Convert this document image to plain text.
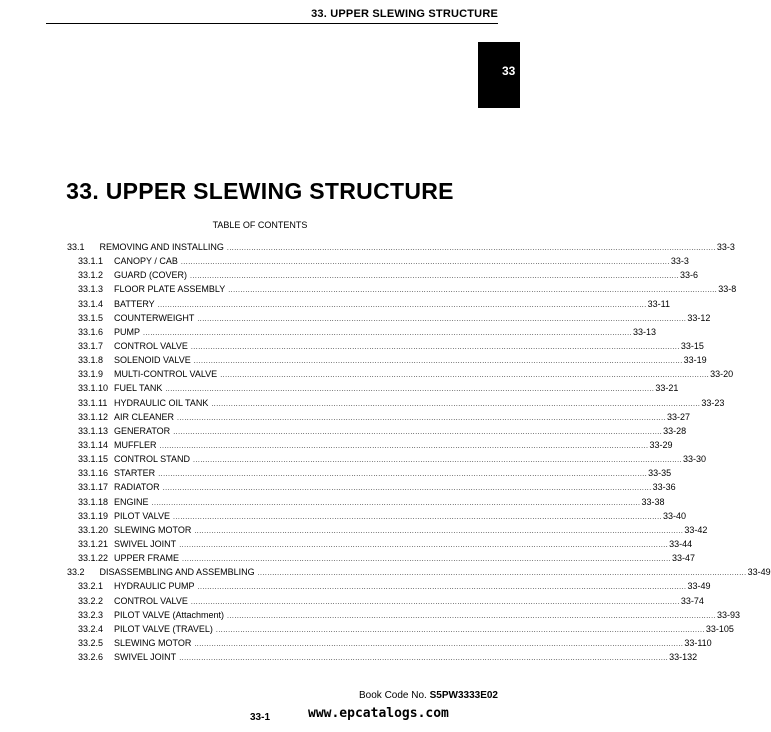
33. UPPER SLEWING STRUCTURE
33
33. UPPER SLEWING STRUCTURE
TABLE OF CONTENTS
33.1	REMOVING AND INSTALLING ........................................................................................................................................................................................................ 33-3
33.1.1	CANOPY / CAB ........................................................................................................................................................................................................ 33-3
33.1.2	GUARD (COVER) ........................................................................................................................................................................................................ 33-6
33.1.3	FLOOR PLATE ASSEMBLY ........................................................................................................................................................................................................ 33-8
33.1.4	BATTERY ........................................................................................................................................................................................................ 33-11
33.1.5	COUNTERWEIGHT ........................................................................................................................................................................................................ 33-12
33.1.6	PUMP ........................................................................................................................................................................................................ 33-13
33.1.7	CONTROL VALVE ........................................................................................................................................................................................................ 33-15
33.1.8	SOLENOID VALVE ........................................................................................................................................................................................................ 33-19
33.1.9	MULTI-CONTROL VALVE ........................................................................................................................................................................................................ 33-20
33.1.10 FUEL TANK ........................................................................................................................................................................................................ 33-21
33.1.11 HYDRAULIC OIL TANK ........................................................................................................................................................................................................ 33-23
33.1.12 AIR CLEANER ........................................................................................................................................................................................................ 33-27
33.1.13 GENERATOR ........................................................................................................................................................................................................ 33-28
33.1.14 MUFFLER ........................................................................................................................................................................................................ 33-29
33.1.15 CONTROL STAND ........................................................................................................................................................................................................ 33-30
33.1.16 STARTER ........................................................................................................................................................................................................ 33-35
33.1.17 RADIATOR ........................................................................................................................................................................................................ 33-36
33.1.18 ENGINE ........................................................................................................................................................................................................ 33-38
33.1.19 PILOT VALVE ........................................................................................................................................................................................................ 33-40
33.1.20 SLEWING MOTOR ........................................................................................................................................................................................................ 33-42
33.1.21 SWIVEL JOINT ........................................................................................................................................................................................................ 33-44
33.1.22 UPPER FRAME ........................................................................................................................................................................................................ 33-47
33.2	DISASSEMBLING AND ASSEMBLING ........................................................................................................................................................................................................ 33-49
33.2.1	HYDRAULIC PUMP ........................................................................................................................................................................................................ 33-49
33.2.2	CONTROL VALVE ........................................................................................................................................................................................................ 33-74
33.2.3	PILOT VALVE (Attachment) ........................................................................................................................................................................................................ 33-93
33.2.4	PILOT VALVE (TRAVEL) ........................................................................................................................................................................................................ 33-105
33.2.5	SLEWING MOTOR ........................................................................................................................................................................................................ 33-110
33.2.6	SWIVEL JOINT ........................................................................................................................................................................................................ 33-132
Book Code No. S5PW3333E02
33-1	www.epcatalogs.com
